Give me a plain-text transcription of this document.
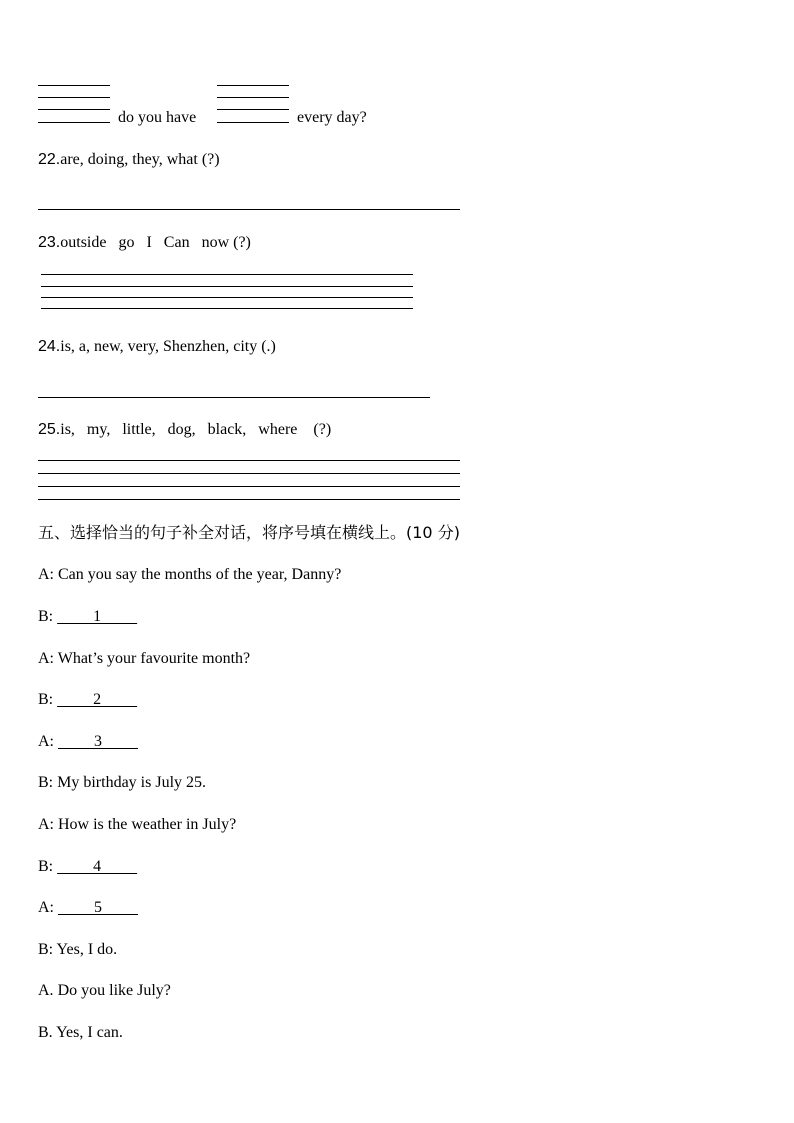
do you have	every day?
22.are, doing, they, what (?)
23.outside   go   I   Can   now (?)
24.is, a, new, very, Shenzhen, city (.)
25.is,   my,   little,   dog,   black,   where    (?)
五、选择恰当的句子补全对话，将序号填在横线上。(10 分)
A: Can you say the months of the year, Danny?
B:          1
A: What’s your favourite month?
B:          2
A:          3
B: My birthday is July 25.
A: How is the weather in July?
B:          4
A:          5
B: Yes, I do.
A. Do you like July?
B. Yes, I can.
